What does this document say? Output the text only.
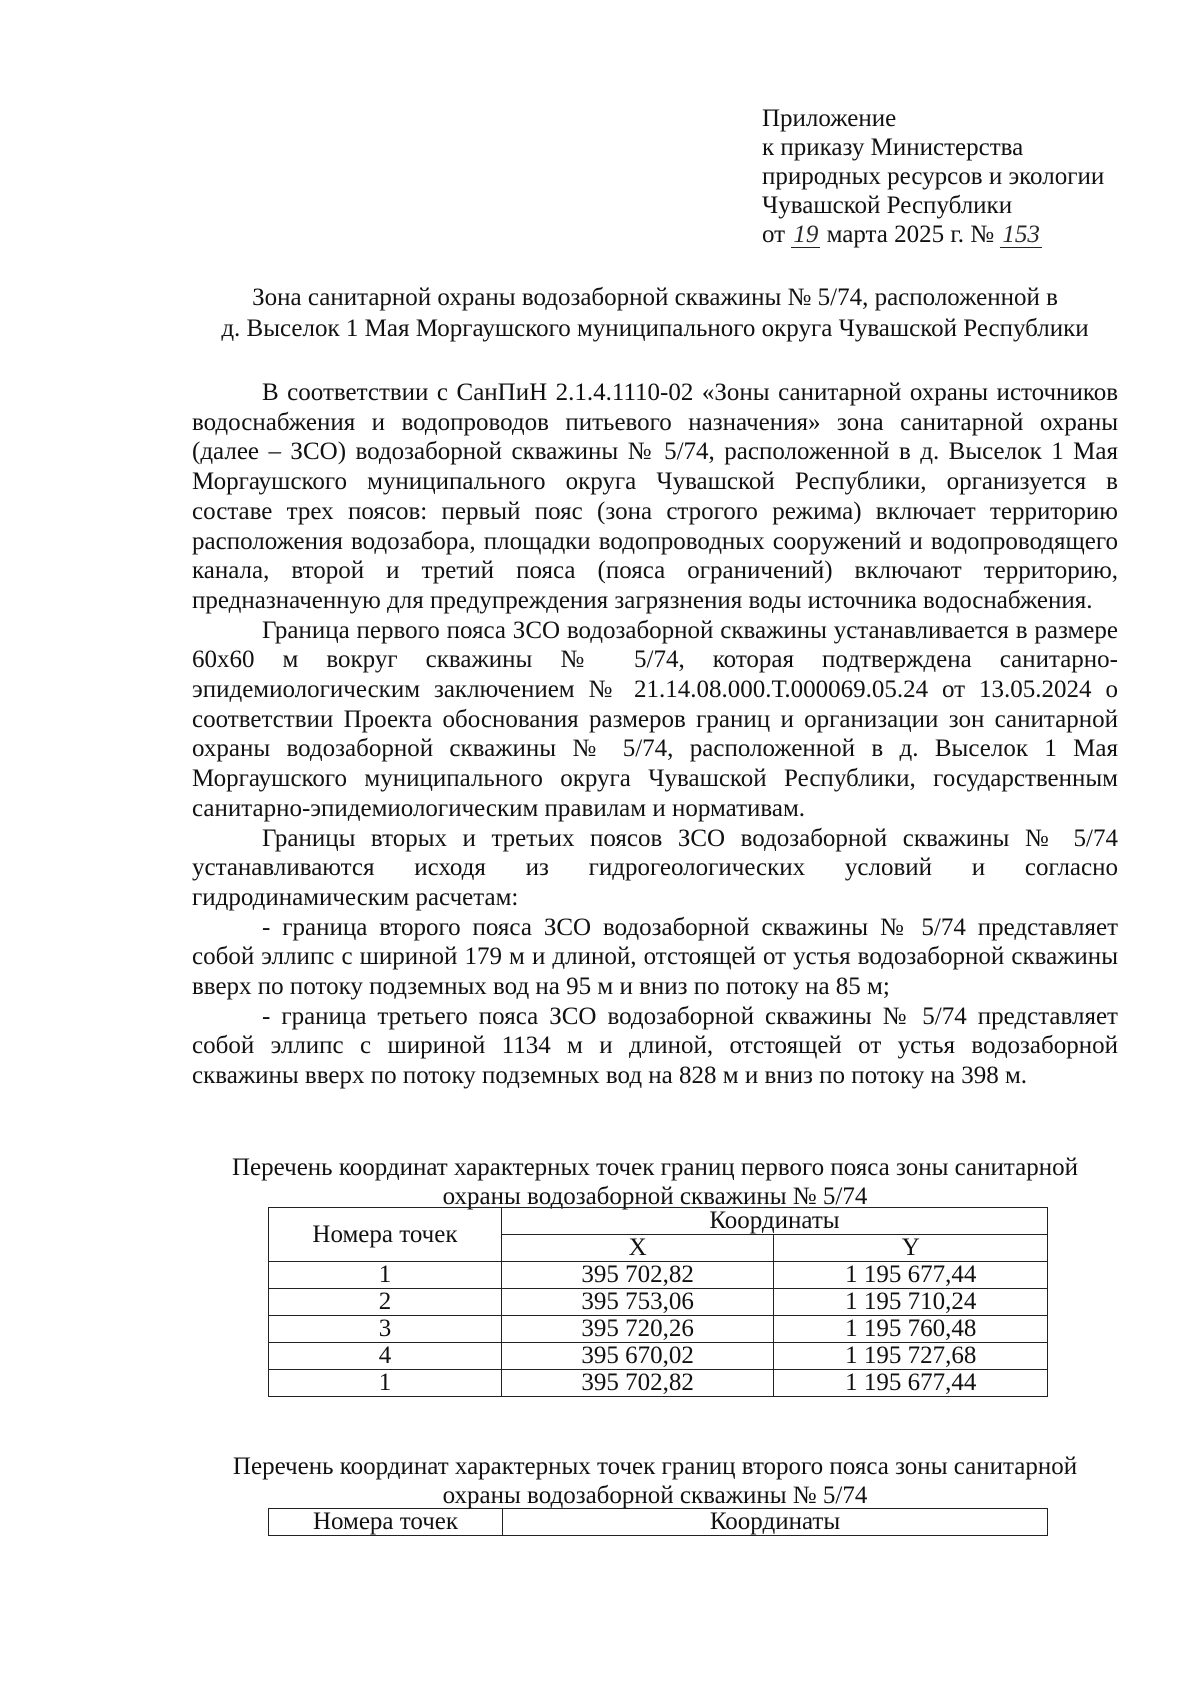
Приложение
к приказу Министерства
природных ресурсов и экологии
Чувашской Республики
от 19 марта 2025 г. № 153
Зона санитарной охраны водозаборной скважины № 5/74, расположенной в
д. Выселок 1 Мая Моргаушского муниципального округа Чувашской Республики

В соответствии с СанПиН 2.1.4.1110-02 «Зоны санитарной охраны источников водоснабжения и водопроводов питьевого назначения» зона санитарной охраны (далее – ЗСО) водозаборной скважины № 5/74, расположенной в д. Выселок 1 Мая Моргаушского муниципального округа Чувашской Республики, организуется в составе трех поясов: первый пояс (зона строгого режима) включает территорию расположения водозабора, площадки водопроводных сооружений и водопроводящего канала, второй и третий пояса (пояса ограничений) включают территорию, предназначенную для предупреждения загрязнения воды источника водоснабжения.

Граница первого пояса ЗСО водозаборной скважины устанавливается в размере 60х60 м вокруг скважины № 5/74, которая подтверждена санитарно-эпидемиологическим заключением № 21.14.08.000.Т.000069.05.24 от 13.05.2024 о соответствии Проекта обоснования размеров границ и организации зон санитарной охраны водозаборной скважины № 5/74, расположенной в д. Выселок 1 Мая Моргаушского муниципального округа Чувашской Республики, государственным санитарно-эпидемиологическим правилам и нормативам.

Границы вторых и третьих поясов ЗСО водозаборной скважины № 5/74 устанавливаются исходя из гидрогеологических условий и согласно гидродинамическим расчетам:

- граница второго пояса ЗСО водозаборной скважины № 5/74 представляет собой эллипс с шириной 179 м и длиной, отстоящей от устья водозаборной скважины вверх по потоку подземных вод на 95 м и вниз по потоку на 85 м;

- граница третьего пояса ЗСО водозаборной скважины № 5/74 представляет собой эллипс с шириной 1134 м и длиной, отстоящей от устья водозаборной скважины вверх по потоку подземных вод на 828 м и вниз по потоку на 398 м.

Перечень координат характерных точек границ первого пояса зоны санитарной
охраны водозаборной скважины № 5/74
Номера точек	Координаты	
	X	Y
1	395 702,82	1 195 677,44
2	395 753,06	1 195 710,24
3	395 720,26	1 195 760,48
4	395 670,02	1 195 727,68
1	395 702,82	1 195 677,44
Перечень координат характерных точек границ второго пояса зоны санитарной
охраны водозаборной скважины № 5/74
Номера точек	Координаты
